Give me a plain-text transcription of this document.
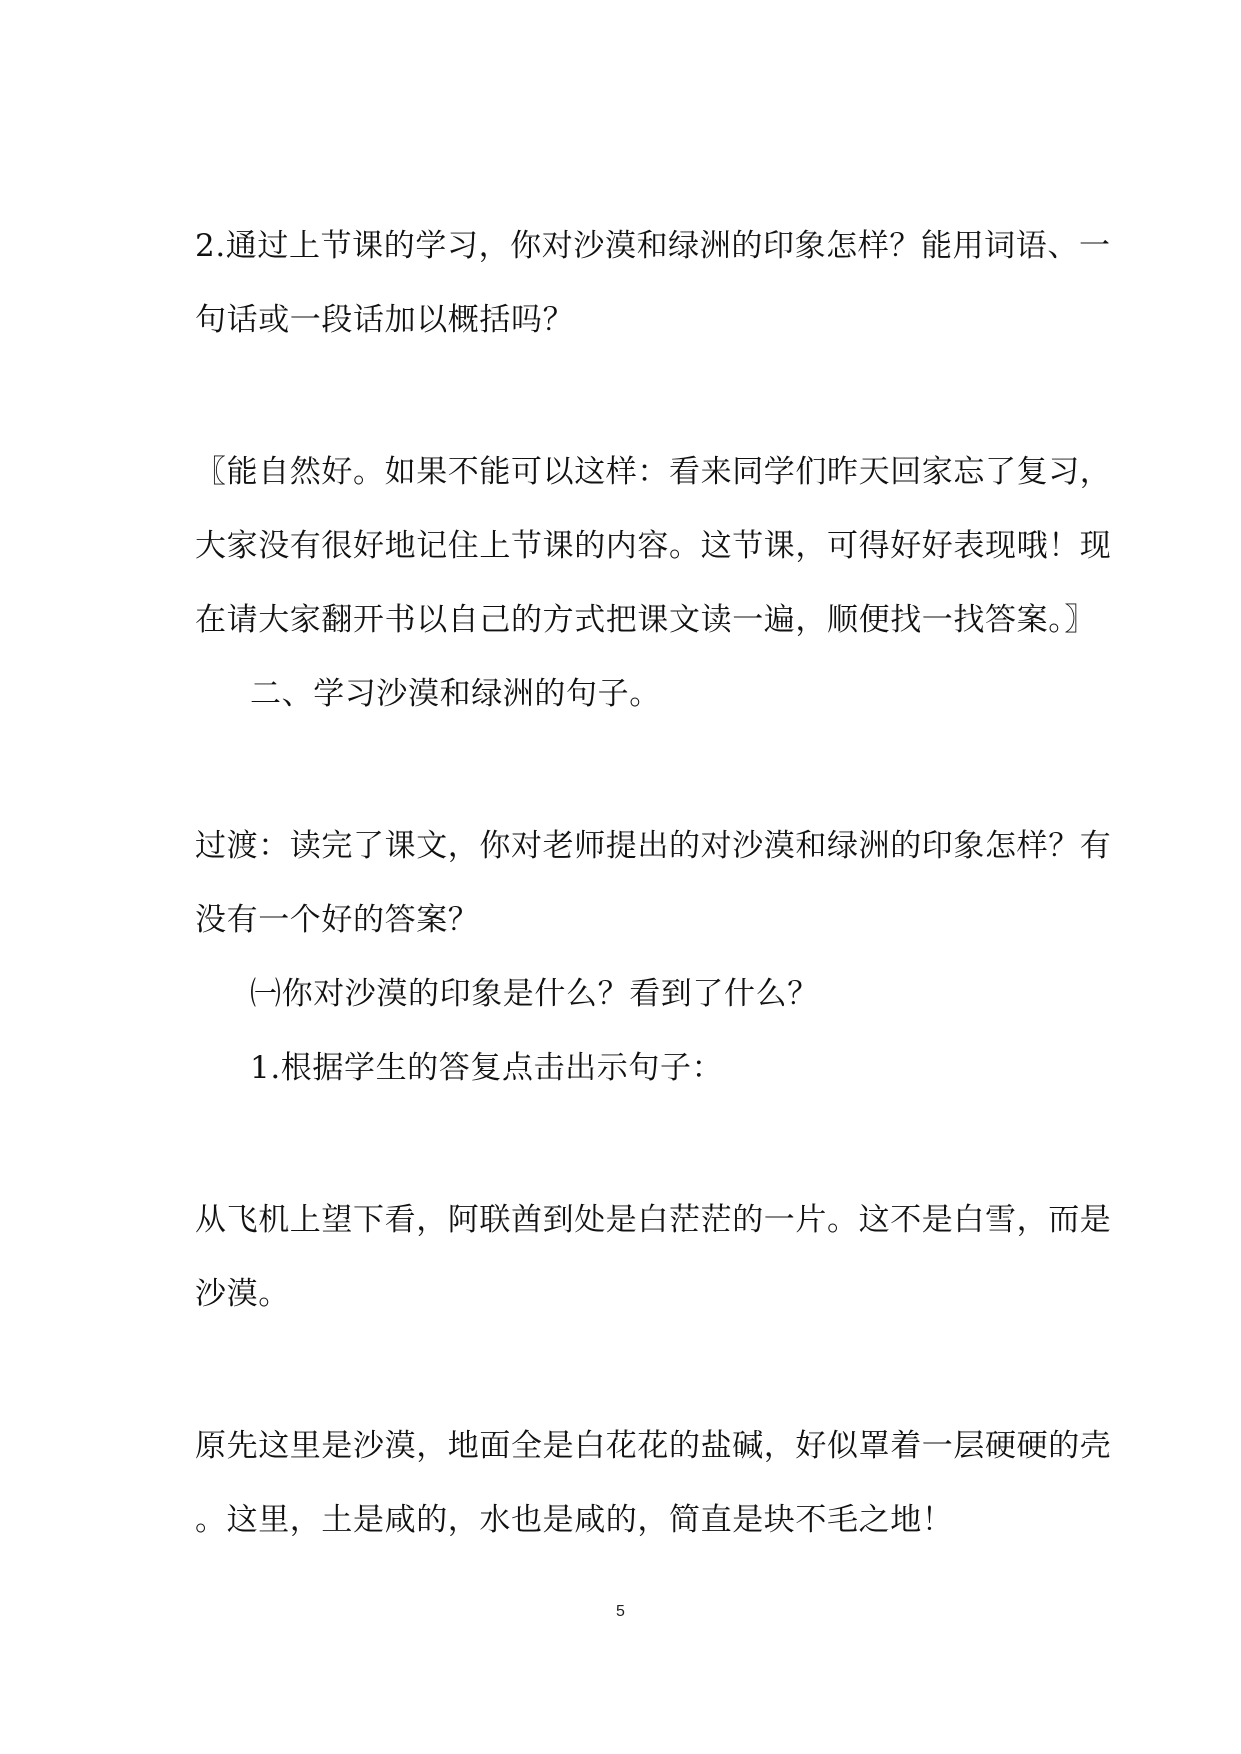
2.通过上节课的学习，你对沙漠和绿洲的印象怎样？能用词语、一
句话或一段话加以概括吗？
〖能自然好。如果不能可以这样：看来同学们昨天回家忘了复习，
大家没有很好地记住上节课的内容。这节课，可得好好表现哦！现
在请大家翻开书以自己的方式把课文读一遍，顺便找一找答案。〗
二、学习沙漠和绿洲的句子。
过渡：读完了课文，你对老师提出的对沙漠和绿洲的印象怎样？有
没有一个好的答案？
㈠你对沙漠的印象是什么？看到了什么？
1.根据学生的答复点击出示句子：
从飞机上望下看，阿联酋到处是白茫茫的一片。这不是白雪，而是
沙漠。
原先这里是沙漠，地面全是白花花的盐碱，好似罩着一层硬硬的壳
。这里，土是咸的，水也是咸的，简直是块不毛之地！
5
